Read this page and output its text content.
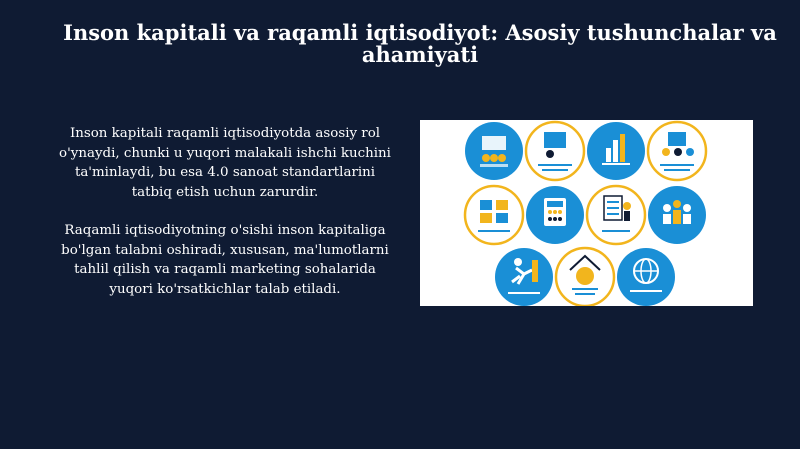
Inson kapitali va raqamli iqtisodiyot: Asosiy tushunchalar va ahamiyati

Inson kapitali raqamli iqtisodiyotda asosiy rol o'ynaydi, chunki u yuqori malakali ishchi kuchini ta'minlaydi, bu esa 4.0 sanoat standartlarini tatbiq etish uchun zarurdir.

Raqamli iqtisodiyotning o'sishi inson kapitaliga bo'lgan talabni oshiradi, xususan, ma'lumotlarni tahlil qilish va raqamli marketing sohalarida yuqori ko'rsatkichlar talab etiladi.
